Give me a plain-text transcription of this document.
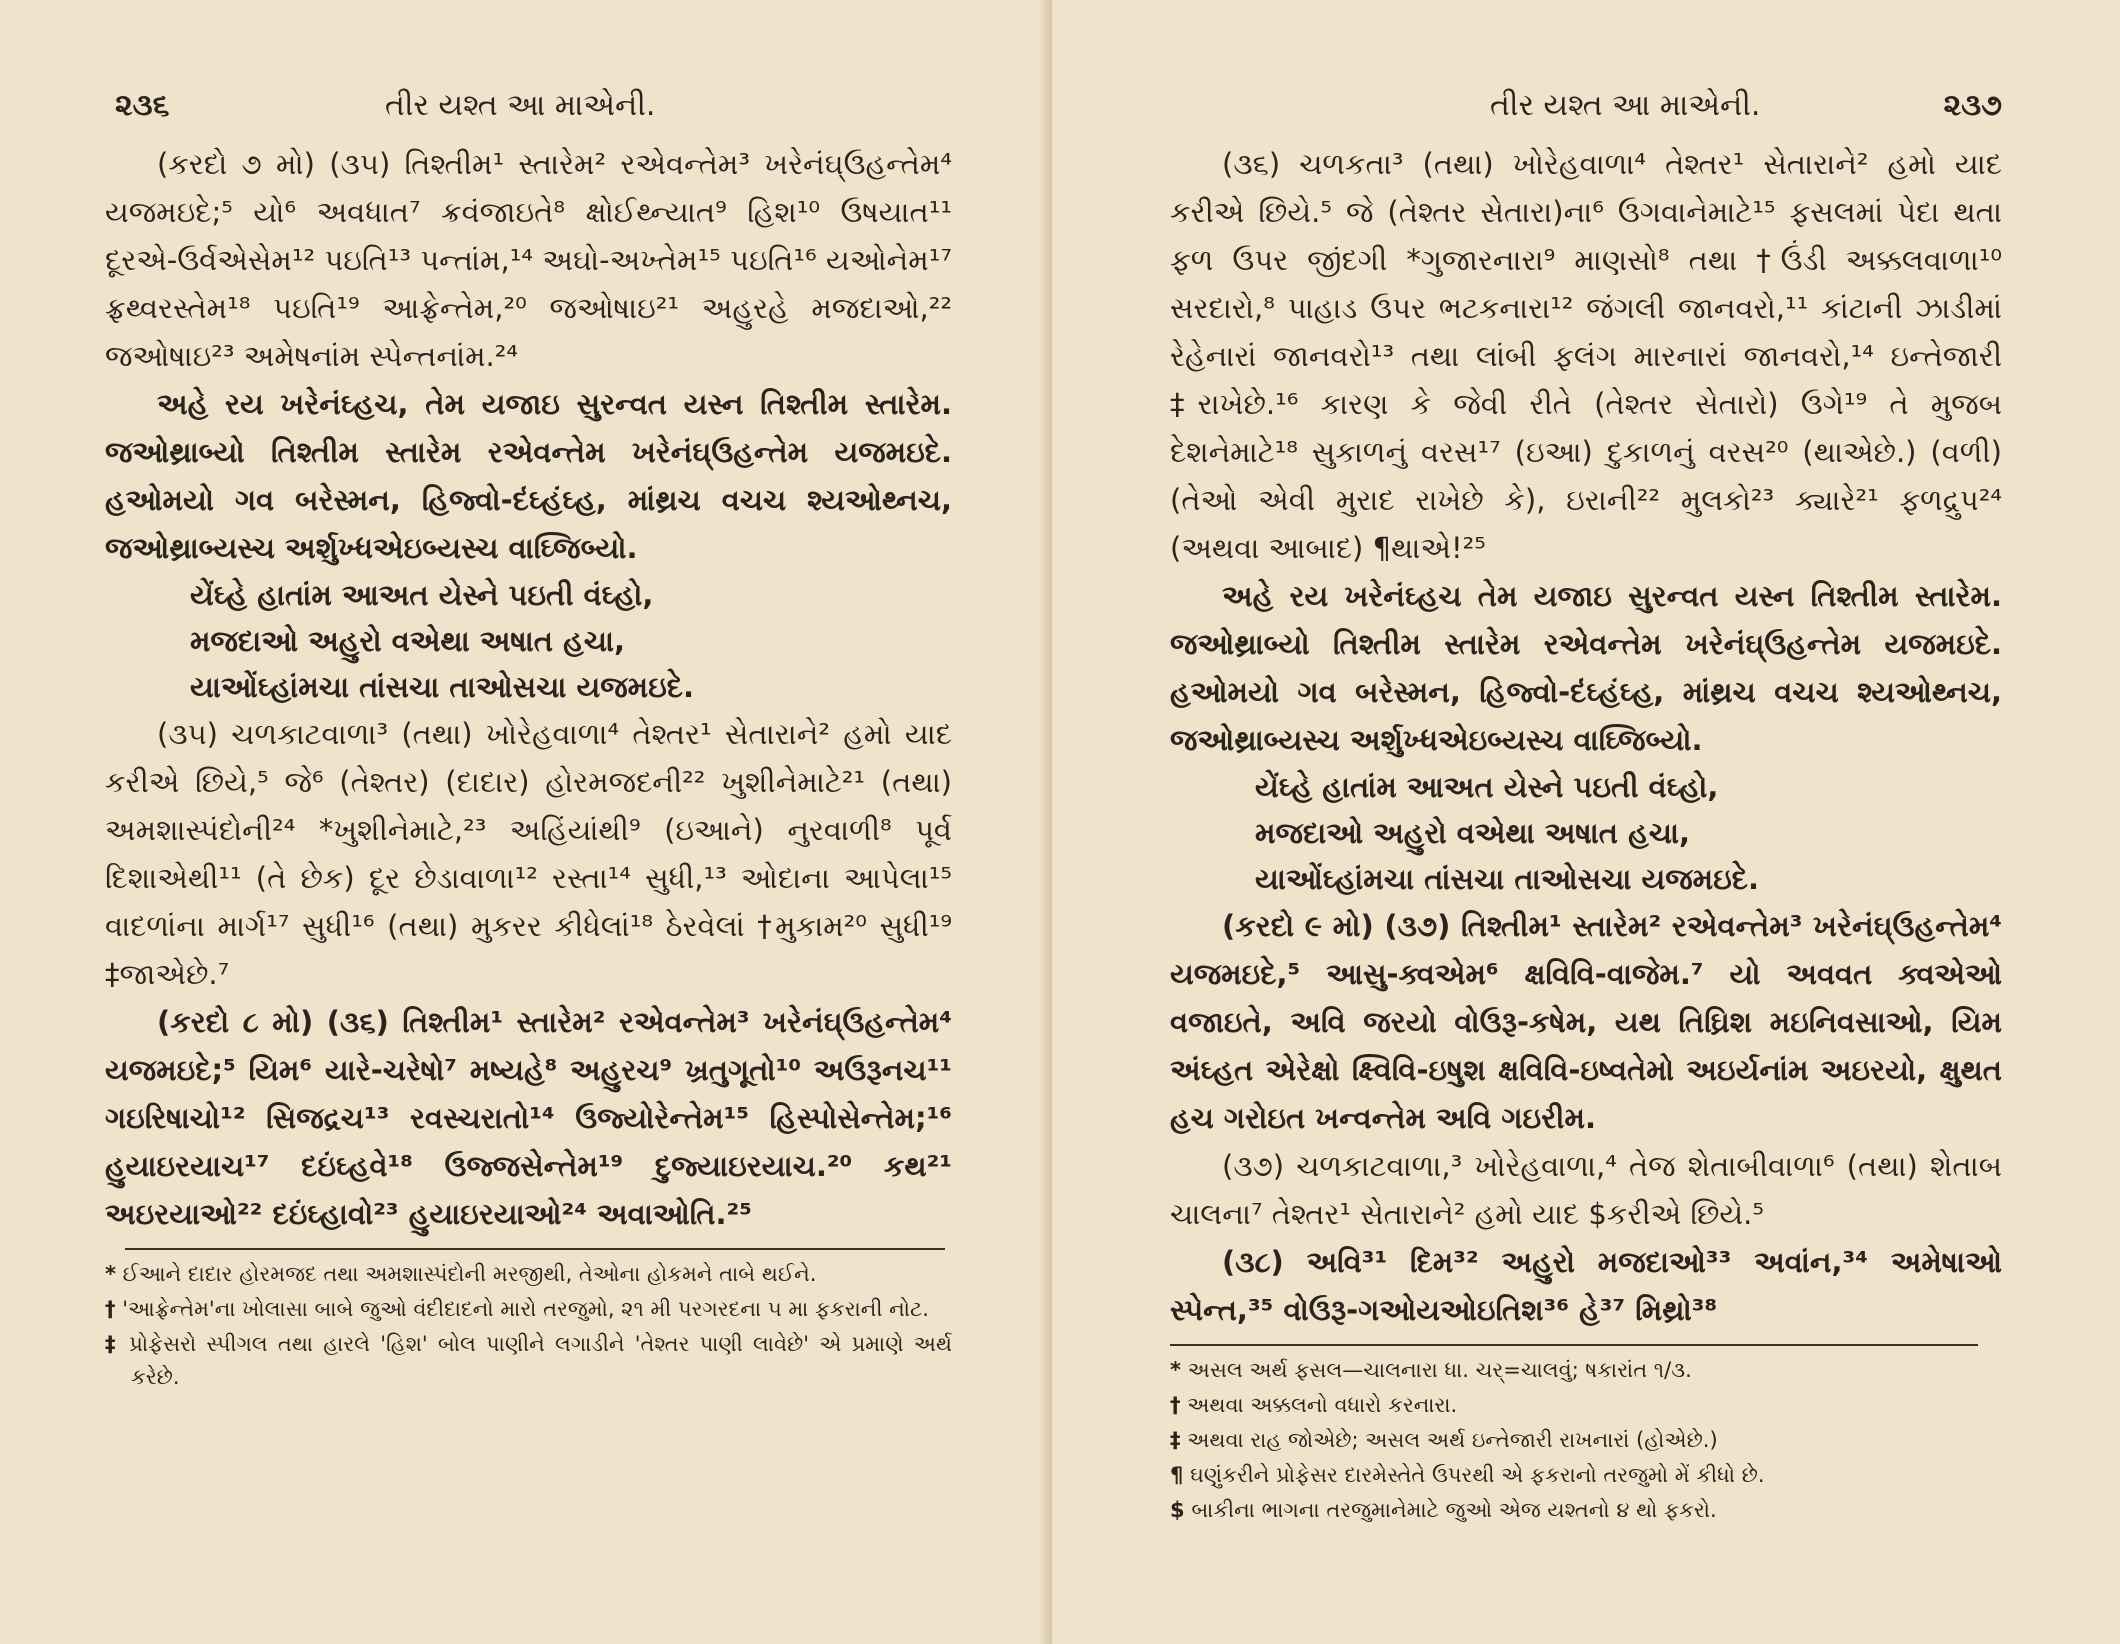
૨૩૬	તીર યશ્ત આ માએની.

(કરદો ૭ મો) (૩૫) તિશ્તીમ¹ સ્તારેમ² રએવન્તેમ³ ખરેનંઘ્ઉહન્તેમ⁴ યજમઇદે;⁵ યો⁶ અવધાત⁷ ક્રવંજાઇતે⁸ ક્ષોઈથ્ન્યાત⁹ હિશ¹⁰ ઉષયાત¹¹ દૂરએ-ઉર્વએસેમ¹² પઇતિ¹³ પન્તાંમ,¹⁴ અઘો-અખ્તેમ¹⁵ પઇતિ¹⁶ યઓનેમ¹⁷ ફ્રથ્વરસ્તેમ¹⁸ પઇતિ¹⁹ આફ્રેન્તેમ,²⁰ જઓષાઇ²¹ અહુરહે મજદાઓ,²² જઓષાઇ²³ અમેષનાંમ સ્પેન્તનાંમ.²⁴

અહે રય ખરેનંઘ્હચ, તેમ યજાઇ સુરન્વત યસ્ન તિશ્તીમ સ્તારેમ. જઓથ્રાબ્યો તિશ્તીમ સ્તારેમ રએવન્તેમ ખરેનંઘ્ઉહન્તેમ યજમઇદે. હઓમયો ગવ બરેસ્મન, હિજ્વો-દંઘ્હંઘ્હ, માંથ્રચ વચચ શ્યઓથ્નચ, જઓથ્રાબ્યસ્ચ અર્શુખ્ધએઇબ્યસ્ચ વાઘ્જિબ્યો.

યેંઘ્હે હાતાંમ આઅત યેસ્ને પઇતી વંઘ્હો,

મજદાઓ અહુરો વએથા અષાત હચા,

યાઓંઘ્હાંમચા તાંસચા તાઓસચા યજમઇદે.

(૩૫) ચળકાટવાળા³ (તથા) ખોરેહવાળા⁴ તેશ્તર¹ સેતારાને² હમો યાદ કરીએ છિયે,⁵ જે⁶ (તેશ્તર) (દાદાર) હોરમજદની²² ખુશીનેમાટે²¹ (તથા) અમશાસ્પંદોની²⁴ *ખુશીનેમાટે,²³ અહિંયાંથી⁹ (ઇઆને) નુરવાળી⁸ પૂર્વ દિશાએથી¹¹ (તે છેક) દૂર છેડાવાળા¹² રસ્તા¹⁴ સુધી,¹³ ઓદાના આપેલા¹⁵ વાદળાંના માર્ગ¹⁷ સુધી¹⁶ (તથા) મુકરર કીધેલાં¹⁸ ઠેરવેલાં †મુકામ²⁰ સુધી¹⁹ ‡જાએછે.⁷

(કરદો ૮ મો) (૩૬) તિશ્તીમ¹ સ્તારેમ² રએવન્તેમ³ ખરેનંઘ્ઉહન્તેમ⁴ યજમઇદે;⁵ યિમ⁶ યારે-ચરેષો⁷ મષ્યહે⁸ અહુરચ⁹ ખ્રતુગૂતો¹⁰ અઉરૂનચ¹¹ ગઇરિષાચો¹² સિજદ્રચ¹³ રવસ્ચરાતો¹⁴ ઉજ્યોરેન્તેમ¹⁵ હિસ્પોસેન્તેમ;¹⁶ હુયાઇરયાચ¹⁷ દઇંઘ્હવે¹⁸ ઉજ્જસેન્તેમ¹⁹ દુજ્યાઇરયાચ.²⁰ કથ²¹ અઇરયાઓ²² દઇંઘ્હાવો²³ હુયાઇરયાઓ²⁴ અવાઓતિ.²⁵

* ઈઆને દાદાર હોરમજદ તથા અમશાસ્પંદોની મરજીથી, તેઓના હોકમને તાબે થઈને.

† 'આફ્રેન્તેમ'ના ખોલાસા બાબે જુઓ વંદીદાદનો મારો તરજુમો, ૨૧ મી પરગરદના ૫ મા ફકરાની નોટ.

‡ પ્રોફેસરો સ્પીગલ તથા હારલે 'હિશ' બોલ પાણીને લગાડીને 'તેશ્તર પાણી લાવેછે' એ પ્રમાણે અર્થ કરેછે.

તીર યશ્ત આ માએની.	૨૩૭

(૩૬) ચળકતા³ (તથા) ખોરેહવાળા⁴ તેશ્તર¹ સેતારાને² હમો યાદ કરીએ છિયે.⁵ જે (તેશ્તર સેતારા)ના⁶ ઉગવાનેમાટે¹⁵ ફસલમાં પેદા થતા ફળ ઉપર જીંદગી *ગુજારનારા⁹ માણસો⁸ તથા †ઉંડી અક્કલવાળા¹⁰ સરદારો,⁸ પાહાડ ઉપર ભટકનારા¹² જંગલી જાનવરો,¹¹ કાંટાની ઝાડીમાં રેહેનારાં જાનવરો¹³ તથા લાંબી ફલંગ મારનારાં જાનવરો,¹⁴ ઇન્તેજારી ‡રાખેછે.¹⁶ કારણ કે જેવી રીતે (તેશ્તર સેતારો) ઉગે¹⁹ તે મુજબ દેશનેમાટે¹⁸ સુકાળનું વરસ¹⁷ (ઇઆ) દુકાળનું વરસ²⁰ (થાએછે.) (વળી) (તેઓ એવી મુરાદ રાખેછે કે), ઇરાની²² મુલકો²³ ક્યારે²¹ ફળદ્રુપ²⁴ (અથવા આબાદ) ¶થાએ!²⁵

અહે રય ખરેનંઘ્હચ તેમ યજાઇ સુરન્વત યસ્ન તિશ્તીમ સ્તારેમ. જઓથ્રાબ્યો તિશ્તીમ સ્તારેમ રએવન્તેમ ખરેનંઘ્ઉહન્તેમ યજમઇદે. હઓમયો ગવ બરેસ્મન, હિજ્વો-દંઘ્હંઘ્હ, માંથ્રચ વચચ શ્યઓથ્નચ, જઓથ્રાબ્યસ્ચ અર્શુખ્ધએઇબ્યસ્ચ વાઘ્જિબ્યો.

યેંઘ્હે હાતાંમ આઅત યેસ્ને પઇતી વંઘ્હો,

મજદાઓ અહુરો વએથા અષાત હચા,

યાઓંઘ્હાંમચા તાંસચા તાઓસચા યજમઇદે.

(કરદો ૯ મો) (૩૭) તિશ્તીમ¹ સ્તારેમ² રએવન્તેમ³ ખરેનંઘ્ઉહન્તેમ⁴ યજમઇદે,⁵ આસુ-ક્વએમ⁶ ક્ષવિવિ-વાજેમ.⁷ યો અવવત ક્વએઓ વજાઇતે, અવિ જરયો વોઉરૂ-કષેમ, યથ તિઘ્રિશ મઇનિવસાઓ, યિમ અંઘ્હત એરેક્ષો ક્ષ્વિવિ-ઇષુશ ક્ષવિવિ-ઇષ્વતેમો અઇર્યનાંમ અઇરયો, ક્ષુથત હચ ગરોઇત ખન્વન્તેમ અવિ ગઇરીમ.

(૩૭) ચળકાટવાળા,³ ખોરેહવાળા,⁴ તેજ શેતાબીવાળા⁶ (તથા) શેતાબ ચાલના⁷ તેશ્તર¹ સેતારાને² હમો યાદ $કરીએ છિયે.⁵

(૩૮) અવિ³¹ દિમ³² અહુરો મજદાઓ³³ અવાંન,³⁴ અમેષાઓ સ્પેન્ત,³⁵ વોઉરૂ-ગઓયઓઇતિશ³⁶ હે³⁷ મિથ્રો³⁸

* અસલ અર્થ ફસલ—ચાલનારા ધા. ચર્=ચાલવું; ષકારાંત ૧/૩.

† અથવા અક્કલનો વધારો કરનારા.

‡ અથવા રાહ જોએછે; અસલ અર્થ ઇન્તેજારી રાખનારાં (હોએછે.)

¶ ઘણુંકરીને પ્રોફેસર દારમેસ્તેતે ઉપરથી એ ફકરાનો તરજુમો મેં કીધો છે.

$ બાકીના ભાગના તરજુમાનેમાટે જુઓ એજ યશ્તનો ૪ થો ફકરો.
